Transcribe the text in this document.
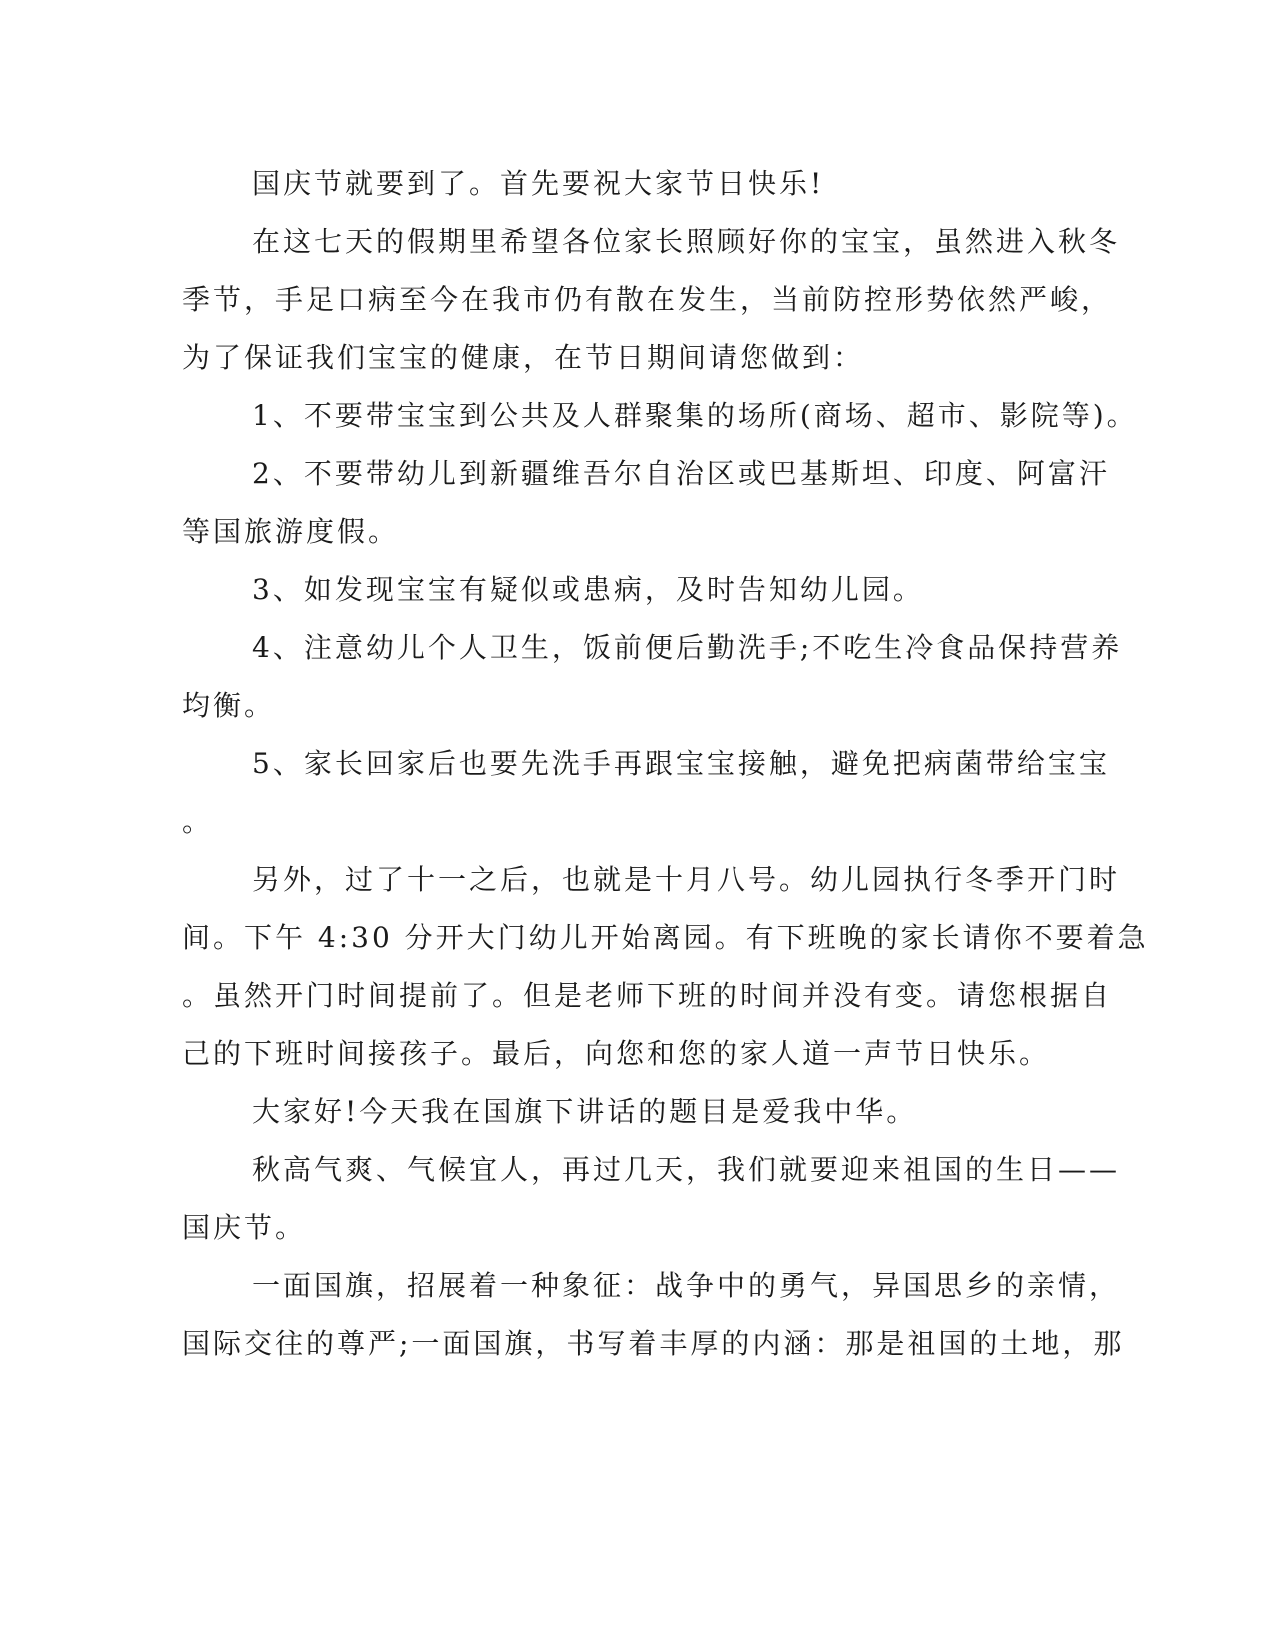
国庆节就要到了。首先要祝大家节日快乐!
在这七天的假期里希望各位家长照顾好你的宝宝，虽然进入秋冬
季节，手足口病至今在我市仍有散在发生，当前防控形势依然严峻，
为了保证我们宝宝的健康，在节日期间请您做到：
1、不要带宝宝到公共及人群聚集的场所(商场、超市、影院等)。
2、不要带幼儿到新疆维吾尔自治区或巴基斯坦、印度、阿富汗
等国旅游度假。
3、如发现宝宝有疑似或患病，及时告知幼儿园。
4、注意幼儿个人卫生，饭前便后勤洗手;不吃生冷食品保持营养
均衡。
5、家长回家后也要先洗手再跟宝宝接触，避免把病菌带给宝宝
。
另外，过了十一之后，也就是十月八号。幼儿园执行冬季开门时
间。下午 4:30 分开大门幼儿开始离园。有下班晚的家长请你不要着急
。虽然开门时间提前了。但是老师下班的时间并没有变。请您根据自
己的下班时间接孩子。最后，向您和您的家人道一声节日快乐。
大家好!今天我在国旗下讲话的题目是爱我中华。
秋高气爽、气候宜人，再过几天，我们就要迎来祖国的生日——
国庆节。
一面国旗，招展着一种象征：战争中的勇气，异国思乡的亲情，
国际交往的尊严;一面国旗，书写着丰厚的内涵：那是祖国的土地，那
